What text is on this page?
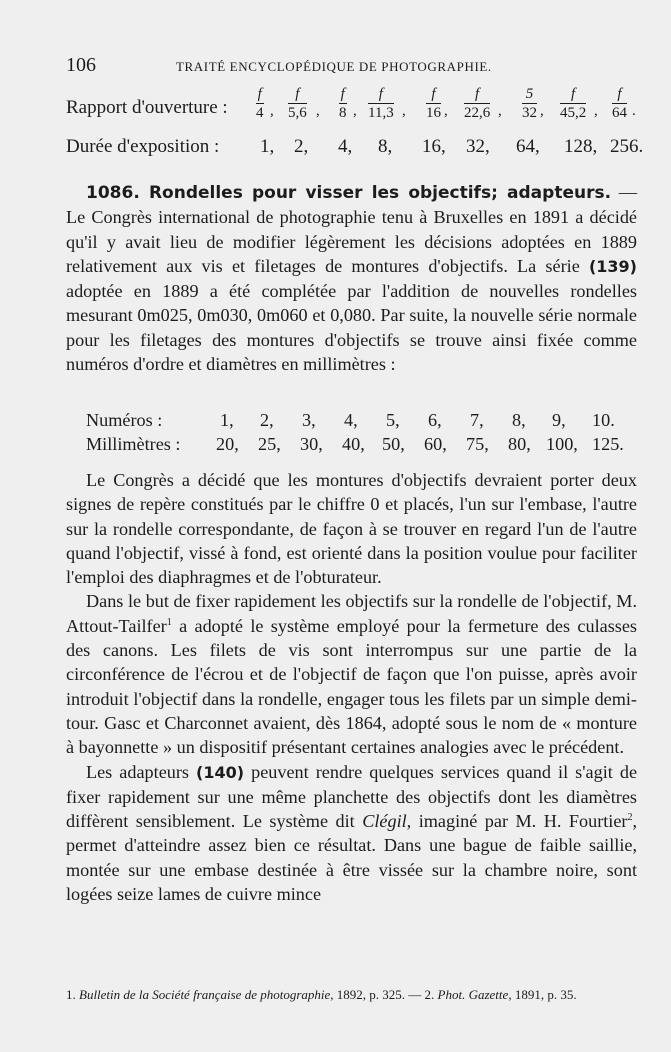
106	TRAITÉ ENCYCLOPÉDIQUE DE PHOTOGRAPHIE.
Rapport d'ouverture : $\frac{f}{4}$ , $\frac{f}{5,6}$ , $\frac{f}{8}$ , $\frac{f}{11,3}$ , $\frac{f}{16}$ , $\frac{f}{22,6}$ , $\frac{5}{32}$ , $\frac{f}{45,2}$ , $\frac{f}{64}$ .
Durée d'exposition : 1, 2, 4, 8, 16, 32, 64, 128, 256.

1086. Rondelles pour visser les objectifs; adapteurs. — Le Congrès international de photographie tenu à Bruxelles en 1891 a décidé qu'il y avait lieu de modifier légèrement les décisions adoptées en 1889 relativement aux vis et filetages de montures d'objectifs. La série (139) adoptée en 1889 a été complétée par l'addition de nouvelles rondelles mesurant 0m025, 0m030, 0m060 et 0,080. Par suite, la nouvelle série normale pour les filetages des montures d'objectifs se trouve ainsi fixée comme numéros d'ordre et diamètres en millimètres :

Numéros :	1, 2, 3, 4, 5, 6, 7, 8, 9, 10.
Millimètres : 20, 25, 30, 40, 50, 60, 75, 80, 100, 125.

Le Congrès a décidé que les montures d'objectifs devraient porter deux signes de repère constitués par le chiffre 0 et placés, l'un sur l'embase, l'autre sur la rondelle correspondante, de façon à se trouver en regard l'un de l'autre quand l'objectif, vissé à fond, est orienté dans la position voulue pour faciliter l'emploi des diaphragmes et de l'obturateur.

Dans le but de fixer rapidement les objectifs sur la rondelle de l'objectif, M. Attout-Tailfer$^1$ a adopté le système employé pour la fermeture des culasses des canons. Les filets de vis sont interrompus sur une partie de la circonférence de l'écrou et de l'objectif de façon que l'on puisse, après avoir introduit l'objectif dans la rondelle, engager tous les filets par un simple demi-tour. Gasc et Charconnet avaient, dès 1864, adopté sous le nom de « monture à bayonnette » un dispositif présentant certaines analogies avec le précédent.

Les adapteurs (140) peuvent rendre quelques services quand il s'agit de fixer rapidement sur une même planchette des objectifs dont les diamètres diffèrent sensiblement. Le système dit Clégil, imaginé par M. H. Fourtier$^2$, permet d'atteindre assez bien ce résultat. Dans une bague de faible saillie, montée sur une embase destinée à être vissée sur la chambre noire, sont logées seize lames de cuivre mince

1. Bulletin de la Société française de photographie, 1892, p. 325. — 2. Phot. Gazette, 1891, p. 35.
